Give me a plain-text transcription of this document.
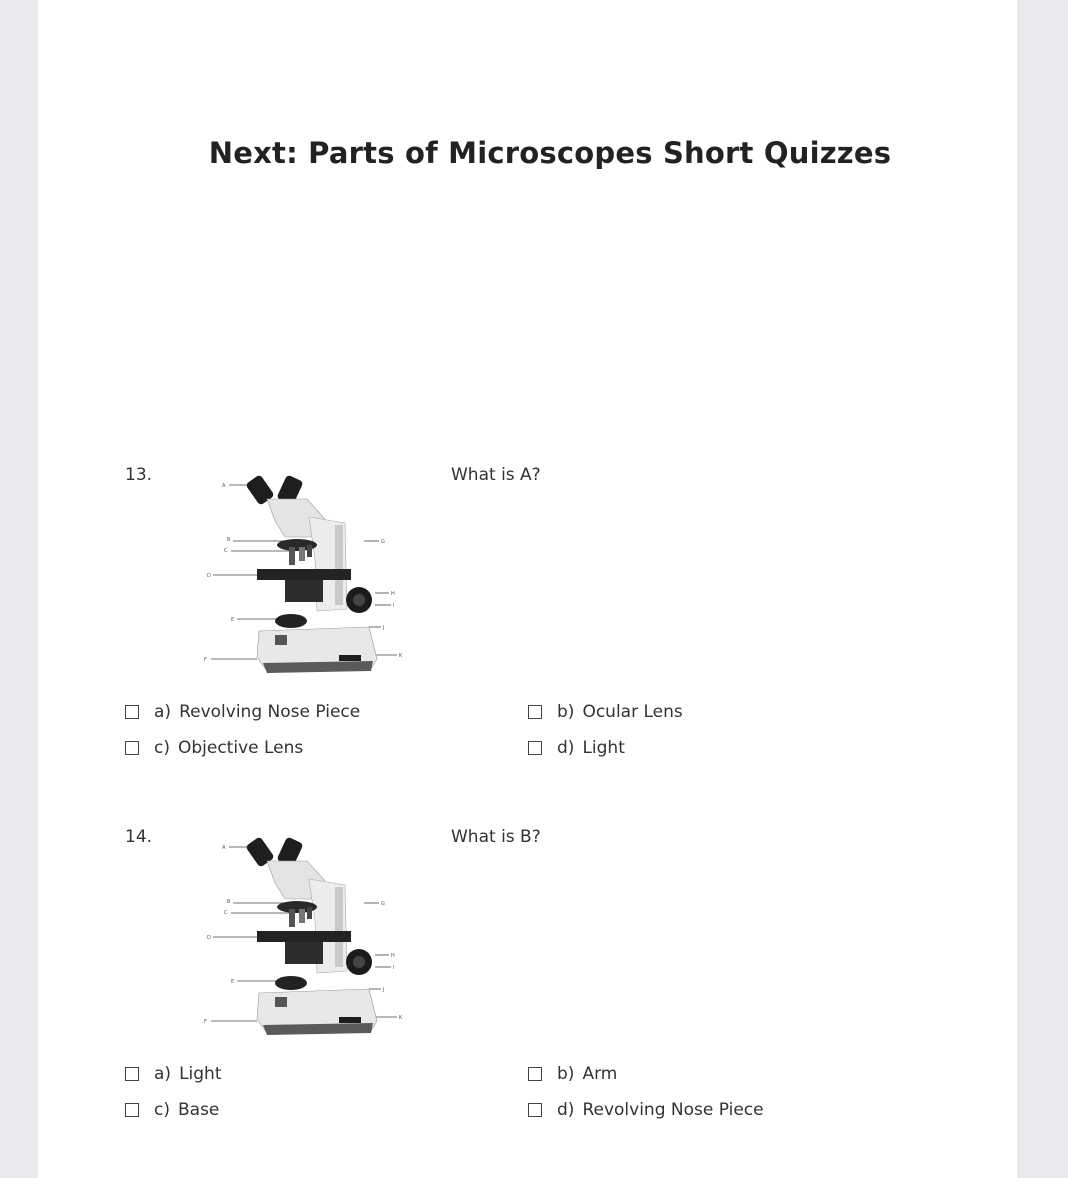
Next: Parts of Microscopes Short Quizzes
13.
A
B
C
D
E
F
G
H
I
J
K
What is A?
a) Revolving Nose Piece	b) Ocular Lens
c) Objective Lens	d) Light
14.
A
B
C
D
E
F
G
H
I
J
K
What is B?
a) Light	b) Arm
c) Base	d) Revolving Nose Piece
